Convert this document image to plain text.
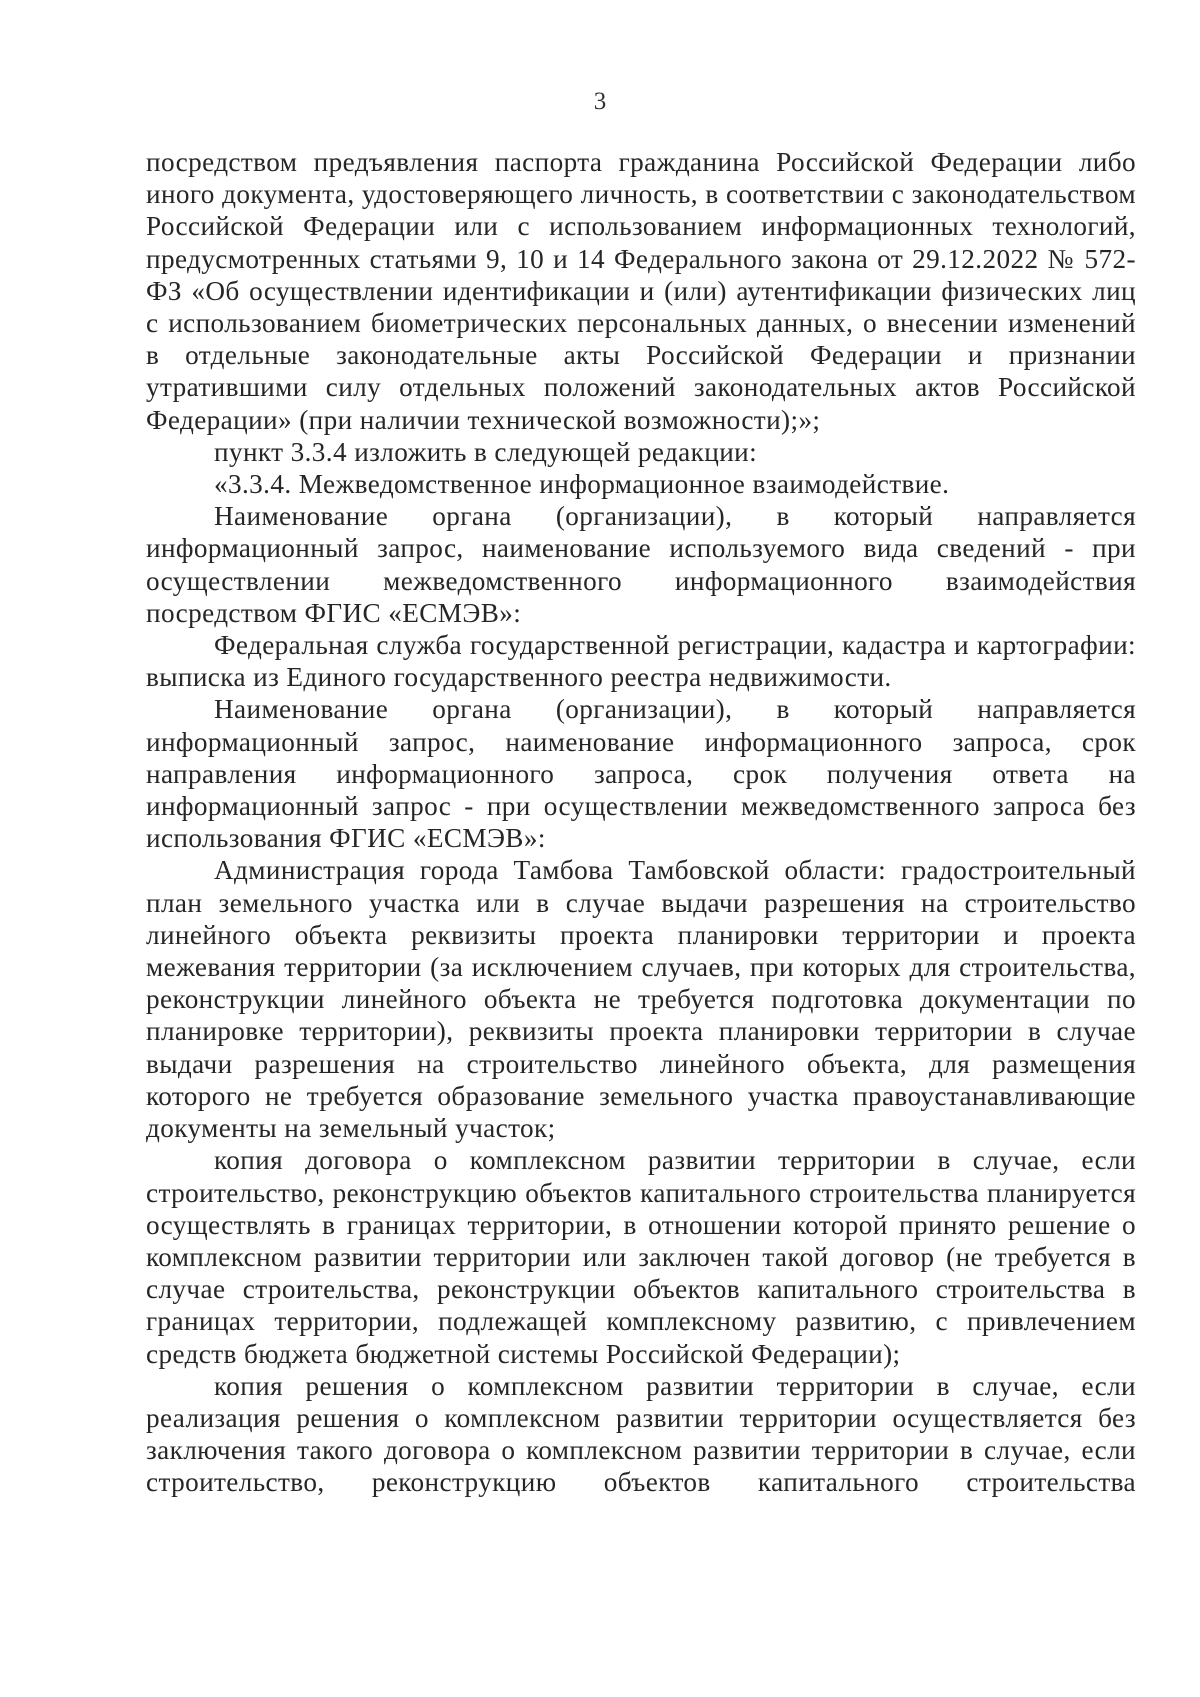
3

посредством предъявления паспорта гражданина Российской Федерации либо иного документа, удостоверяющего личность, в соответствии с законодательством Российской Федерации или с использованием информационных технологий, предусмотренных статьями 9, 10 и 14 Федерального закона от 29.12.2022 № 572-ФЗ «Об осуществлении идентификации и (или) аутентификации физических лиц с использованием биометрических персональных данных, о внесении изменений в отдельные законодательные акты Российской Федерации и признании утратившими силу отдельных положений законодательных актов Российской Федерации» (при наличии технической возможности);»;

пункт 3.3.4 изложить в следующей редакции:

«3.3.4. Межведомственное информационное взаимодействие.

Наименование органа (организации), в который направляется информационный запрос, наименование используемого вида сведений - при осуществлении межведомственного информационного взаимодействия посредством ФГИС «ЕСМЭВ»:

Федеральная служба государственной регистрации, кадастра и картографии: выписка из Единого государственного реестра недвижимости.

Наименование органа (организации), в который направляется информационный запрос, наименование информационного запроса, срок направления информационного запроса, срок получения ответа на информационный запрос - при осуществлении межведомственного запроса без использования ФГИС «ЕСМЭВ»:

Администрация города Тамбова Тамбовской области: градостроительный план земельного участка или в случае выдачи разрешения на строительство линейного объекта реквизиты проекта планировки территории и проекта межевания территории (за исключением случаев, при которых для строительства, реконструкции линейного объекта не требуется подготовка документации по планировке территории), реквизиты проекта планировки территории в случае выдачи разрешения на строительство линейного объекта, для размещения которого не требуется образование земельного участка правоустанавливающие документы на земельный участок;

копия договора о комплексном развитии территории в случае, если строительство, реконструкцию объектов капитального строительства планируется осуществлять в границах территории, в отношении которой принято решение о комплексном развитии территории или заключен такой договор (не требуется в случае строительства, реконструкции объектов капитального строительства в границах территории, подлежащей комплексному развитию, с привлечением средств бюджета бюджетной системы Российской Федерации);

копия решения о комплексном развитии территории в случае, если реализация решения о комплексном развитии территории осуществляется без заключения такого договора о комплексном развитии территории в случае, если строительство, реконструкцию объектов капитального строительства
